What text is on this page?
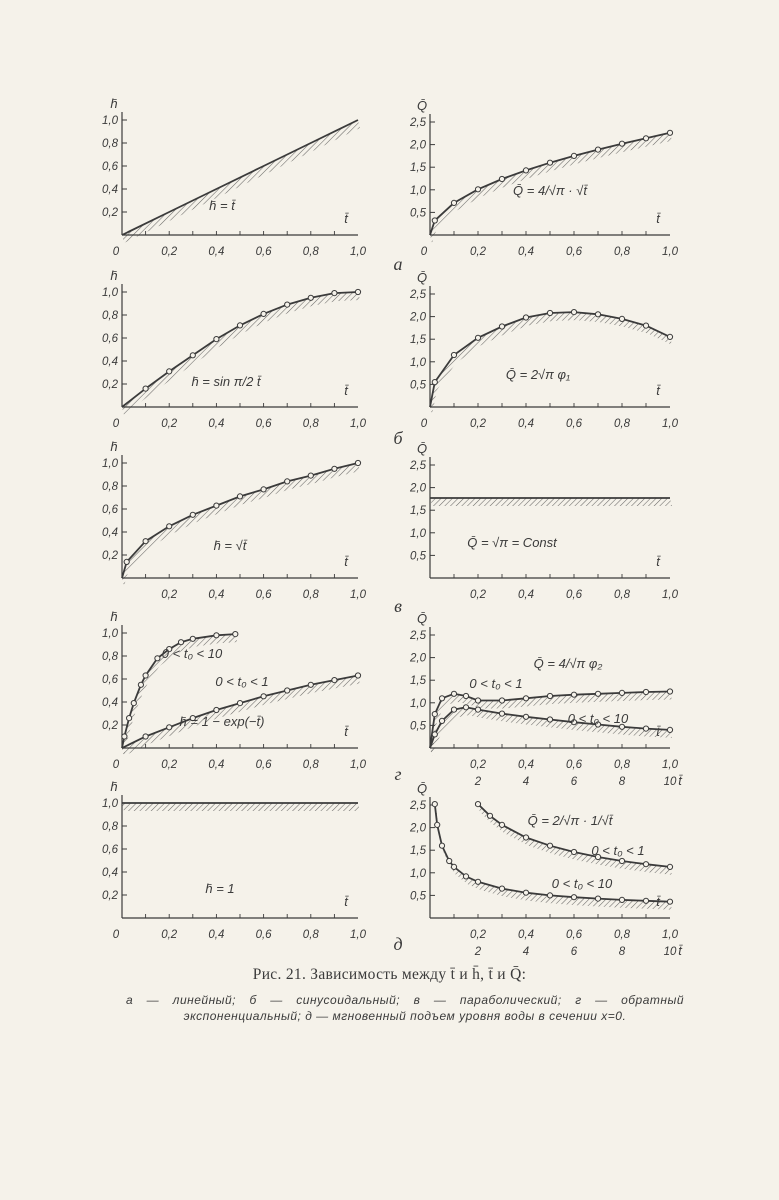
0,2
0,4
0,6
0,8
1,0
0,2	0,4	0,6	0,8	1,0
0
h̄
t̄
h̄ = t̄
0,5
1,0
1,5
2,0
2,5
0,2	0,4	0,6	0,8	1,0
0
Q̄
t̄
Q̄ = 4/√π · √t̄
а
0,2
0,4
0,6
0,8
1,0
0,2	0,4	0,6	0,8	1,0
0
h̄
t̄
h̄ = sin π/2 t̄	0,5
1,0
1,5
2,0
2,5
0,2	0,4	0,6	0,8	1,0
0
Q̄
t̄
Q̄ = 2√π φ₁
б
0,2
0,4
0,6
0,8
1,0
0,2	0,4	0,6	0,8	1,0
h̄
t̄
h̄ = √t̄
0,5
1,0
1,5
2,0
2,5
0,2	0,4	0,6	0,8	1,0
Q̄
t̄
Q̄ = √π = Const
в
0,2
0,4
0,6
0,8
1,0
0,2	0,4	0,6	0,8	1,0
0
h̄
t̄
0 < t₀ < 10
0 < t₀ < 1
h̄ = 1 − exp(−t̄)	0,5
1,0
1,5
2,0
2,5
0,2	0,4	0,6	0,8	1,0
2	4	6	8	10
Q̄
t̄
Q̄ = 4/√π φ₂
0 < t₀ < 1
0 < t₀ < 10
г
0,2
0,4
0,6
0,8
1,0
0,2	0,4	0,6	0,8	1,0
0
h̄
t̄
h̄ = 1
0,5
1,0
1,5
2,0
2,5
0,2	0,4	0,6	0,8	1,0
2	4	6	8	10
Q̄
t̄
Q̄ = 2/√π · 1/√t̄
0 < t₀ < 1
0 < t₀ < 10
д
Рис. 21. Зависимость между t̄ и h̄, t̄ и Q̄:
а — линейный; б — синусоидальный; в — параболический; г — обратный экспоненциальный; д — мгновенный подъем уровня воды в сечении x=0.
